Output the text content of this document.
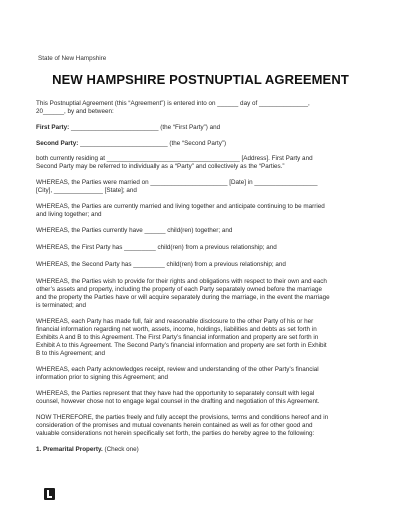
State of New Hampshire
NEW HAMPSHIRE POSTNUPTIAL AGREEMENT

This Postnuptial Agreement (this “Agreement”) is entered into on ______ day of ______________,

20______, by and between:

First Party: _________________________ (the “First Party”) and

Second Party: _________________________ (the “Second Party”)

both currently residing at ______________________________________ [Address]. First Party and

Second Party may be referred to individually as a “Party” and collectively as the “Parties.”

WHEREAS, the Parties were married on ______________________ [Date] in __________________

[City], ______________ [State]; and

WHEREAS, the Parties are currently married and living together and anticipate continuing to be married

and living together; and

WHEREAS, the Parties currently have ______ child(ren) together; and

WHEREAS, the First Party has _________ child(ren) from a previous relationship; and

WHEREAS, the Second Party has _________ child(ren) from a previous relationship; and

WHEREAS, the Parties wish to provide for their rights and obligations with respect to their own and each

other’s assets and property, including the property of each Party separately owned before the marriage

and the property the Parties have or will acquire separately during the marriage, in the event the marriage

is terminated; and

WHEREAS, each Party has made full, fair and reasonable disclosure to the other Party of his or her

financial information regarding net worth, assets, income, holdings, liabilities and debts as set forth in

Exhibits A and B to this Agreement. The First Party’s financial information and property are set forth in

Exhibit A to this Agreement. The Second Party’s financial information and property are set forth in Exhibit

B to this Agreement; and

WHEREAS, each Party acknowledges receipt, review and understanding of the other Party’s financial

information prior to signing this Agreement; and

WHEREAS, the Parties represent that they have had the opportunity to separately consult with legal

counsel, however chose not to engage legal counsel in the drafting and negotiation of this Agreement.

NOW THEREFORE, the parties freely and fully accept the provisions, terms and conditions hereof and in

consideration of the promises and mutual covenants herein contained as well as for other good and

valuable considerations not herein specifically set forth, the parties do hereby agree to the following:

1. Premarital Property. (Check one)
